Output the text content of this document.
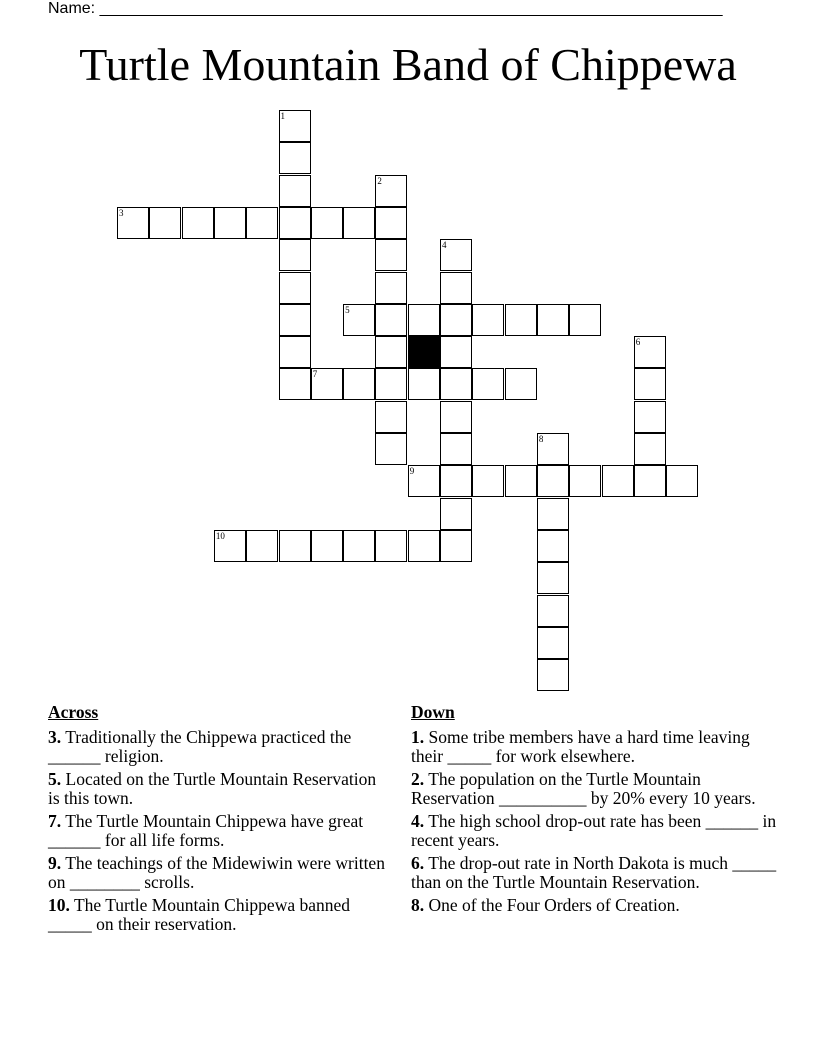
Name: ______________________________________________________________________
Turtle Mountain Band of Chippewa
1
2
3
4
5
6
7
8
9
10
Across
3. Traditionally the Chippewa practiced the ______ religion.
5. Located on the Turtle Mountain Reservation is this town.
7. The Turtle Mountain Chippewa have great ______ for all life forms.
9. The teachings of the Midewiwin were written on ________ scrolls.
10. The Turtle Mountain Chippewa banned _____ on their reservation.
Down
1. Some tribe members have a hard time leaving their _____ for work elsewhere.
2. The population on the Turtle Mountain Reservation __________ by 20% every 10 years.
4. The high school drop-out rate has been ______ in recent years.
6. The drop-out rate in North Dakota is much _____ than on the Turtle Mountain Reservation.
8. One of the Four Orders of Creation.
